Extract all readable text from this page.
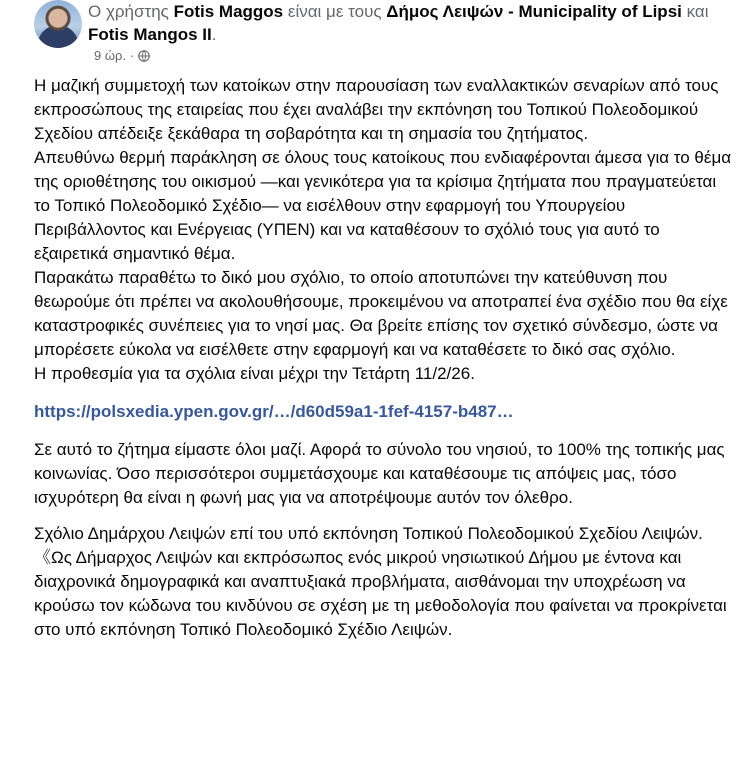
Ο χρήστης Fotis Maggos είναι με τους Δήμος Λειψών - Municipality of Lipsi και Fotis Mangos II.
9 ώρ. ·

Η μαζική συμμετοχή των κατοίκων στην παρουσίαση των εναλλακτικών σεναρίων από τους εκπροσώπους της εταιρείας που έχει αναλάβει την εκπόνηση του Τοπικού Πολεοδομικού Σχεδίου απέδειξε ξεκάθαρα τη σοβαρότητα και τη σημασία του ζητήματος.

Απευθύνω θερμή παράκληση σε όλους τους κατοίκους που ενδιαφέρονται άμεσα για το θέμα της οριοθέτησης του οικισμού —και γενικότερα για τα κρίσιμα ζητήματα που πραγματεύεται το Τοπικό Πολεοδομικό Σχέδιο— να εισέλθουν στην εφαρμογή του Υπουργείου Περιβάλλοντος και Ενέργειας (ΥΠΕΝ) και να καταθέσουν το σχόλιό τους για αυτό το εξαιρετικά σημαντικό θέμα.

Παρακάτω παραθέτω το δικό μου σχόλιο, το οποίο αποτυπώνει την κατεύθυνση που θεωρούμε ότι πρέπει να ακολουθήσουμε, προκειμένου να αποτραπεί ένα σχέδιο που θα είχε καταστροφικές συνέπειες για το νησί μας. Θα βρείτε επίσης τον σχετικό σύνδεσμο, ώστε να μπορέσετε εύκολα να εισέλθετε στην εφαρμογή και να καταθέσετε το δικό σας σχόλιο.

Η προθεσμία για τα σχόλια είναι μέχρι την Τετάρτη 11/2/26.

https://polsxedia.ypen.gov.gr/…/d60d59a1-1fef-4157-b487…

Σε αυτό το ζήτημα είμαστε όλοι μαζί. Αφορά το σύνολο του νησιού, το 100% της τοπικής μας κοινωνίας. Όσο περισσότεροι συμμετάσχουμε και καταθέσουμε τις απόψεις μας, τόσο ισχυρότερη θα είναι η φωνή μας για να αποτρέψουμε αυτόν τον όλεθρο.

Σχόλιο Δημάρχου Λειψών επί του υπό εκπόνηση Τοπικού Πολεοδομικού Σχεδίου Λειψών.

《Ως Δήμαρχος Λειψών και εκπρόσωπος ενός μικρού νησιωτικού Δήμου με έντονα και διαχρονικά δημογραφικά και αναπτυξιακά προβλήματα, αισθάνομαι την υποχρέωση να κρούσω τον κώδωνα του κινδύνου σε σχέση με τη μεθοδολογία που φαίνεται να προκρίνεται στο υπό εκπόνηση Τοπικό Πολεοδομικό Σχέδιο Λειψών.
